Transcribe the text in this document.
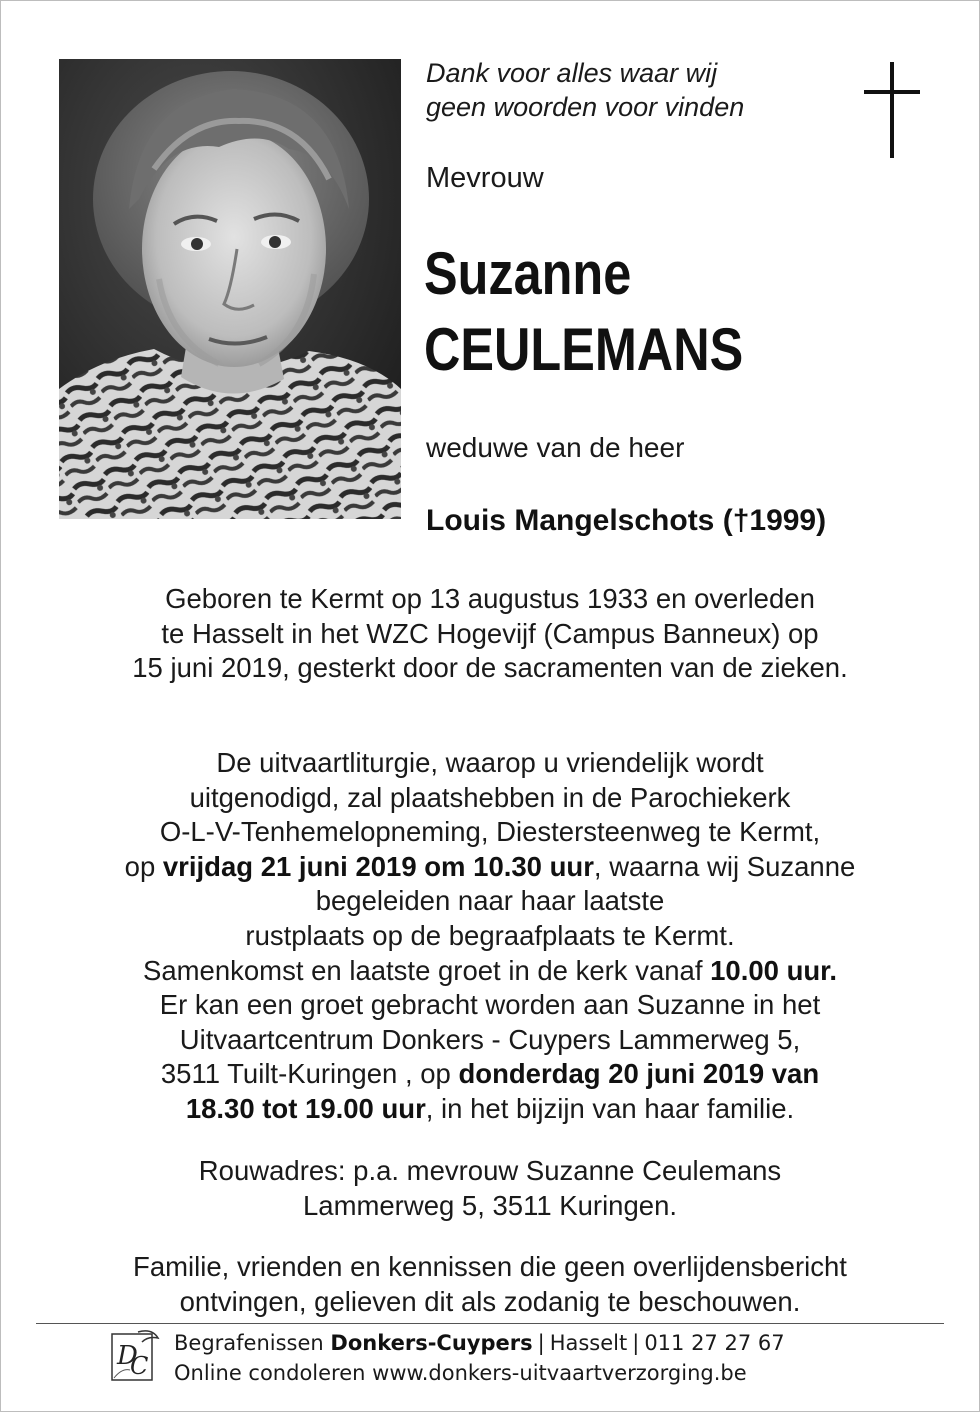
Dank voor alles waar wij
geen woorden voor vinden
Mevrouw
Suzanne
CEULEMANS
weduwe van de heer
Louis Mangelschots (†1999)
Geboren te Kermt op 13 augustus 1933 en overleden
te Hasselt in het WZC Hogevijf (Campus Banneux) op
15 juni 2019, gesterkt door de sacramenten van de zieken.
De uitvaartliturgie, waarop u vriendelijk wordt
uitgenodigd, zal plaatshebben in de Parochiekerk
O-L-V-Tenhemelopneming, Diestersteenweg te Kermt,
op vrijdag 21 juni 2019 om 10.30 uur, waarna wij Suzanne
begeleiden naar haar laatste
rustplaats op de begraafplaats te Kermt.
Samenkomst en laatste groet in de kerk vanaf 10.00 uur.
Er kan een groet gebracht worden aan Suzanne in het
Uitvaartcentrum Donkers - Cuypers Lammerweg 5,
3511 Tuilt-Kuringen , op donderdag 20 juni 2019 van
18.30 tot 19.00 uur, in het bijzijn van haar familie.
Rouwadres: p.a. mevrouw Suzanne Ceulemans
Lammerweg 5, 3511 Kuringen.
Familie, vrienden en kennissen die geen overlijdensbericht
ontvingen, gelieven dit als zodanig te beschouwen.
D
C
Begrafenissen Donkers-Cuypers | Hasselt | 011 27 27 67
Online condoleren www.donkers-uitvaartverzorging.be
